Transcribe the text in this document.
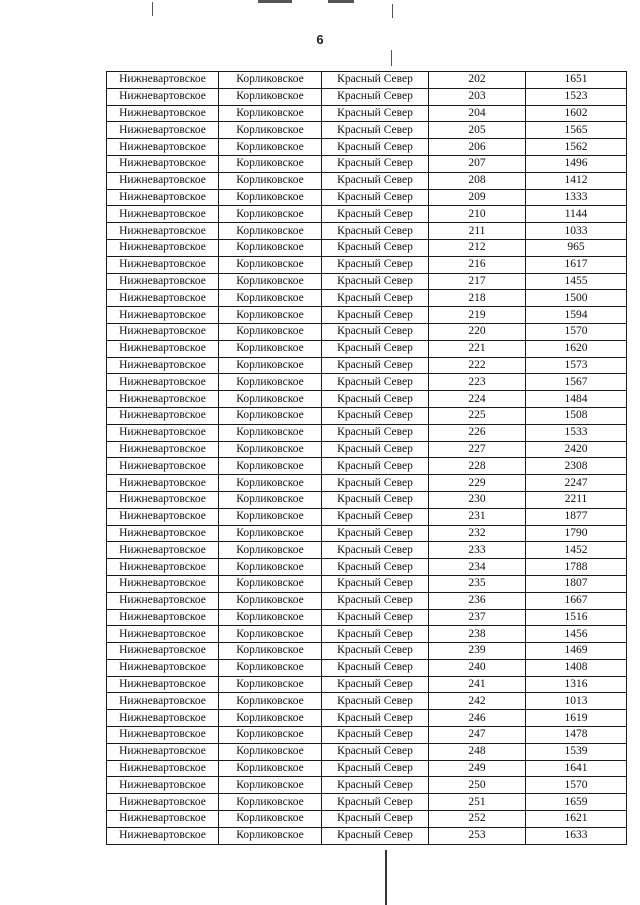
6
Нижневартовское	Корликовское	Красный Север	202	1651
Нижневартовское	Корликовское	Красный Север	203	1523
Нижневартовское	Корликовское	Красный Север	204	1602
Нижневартовское	Корликовское	Красный Север	205	1565
Нижневартовское	Корликовское	Красный Север	206	1562
Нижневартовское	Корликовское	Красный Север	207	1496
Нижневартовское	Корликовское	Красный Север	208	1412
Нижневартовское	Корликовское	Красный Север	209	1333
Нижневартовское	Корликовское	Красный Север	210	1144
Нижневартовское	Корликовское	Красный Север	211	1033
Нижневартовское	Корликовское	Красный Север	212	965
Нижневартовское	Корликовское	Красный Север	216	1617
Нижневартовское	Корликовское	Красный Север	217	1455
Нижневартовское	Корликовское	Красный Север	218	1500
Нижневартовское	Корликовское	Красный Север	219	1594
Нижневартовское	Корликовское	Красный Север	220	1570
Нижневартовское	Корликовское	Красный Север	221	1620
Нижневартовское	Корликовское	Красный Север	222	1573
Нижневартовское	Корликовское	Красный Север	223	1567
Нижневартовское	Корликовское	Красный Север	224	1484
Нижневартовское	Корликовское	Красный Север	225	1508
Нижневартовское	Корликовское	Красный Север	226	1533
Нижневартовское	Корликовское	Красный Север	227	2420
Нижневартовское	Корликовское	Красный Север	228	2308
Нижневартовское	Корликовское	Красный Север	229	2247
Нижневартовское	Корликовское	Красный Север	230	2211
Нижневартовское	Корликовское	Красный Север	231	1877
Нижневартовское	Корликовское	Красный Север	232	1790
Нижневартовское	Корликовское	Красный Север	233	1452
Нижневартовское	Корликовское	Красный Север	234	1788
Нижневартовское	Корликовское	Красный Север	235	1807
Нижневартовское	Корликовское	Красный Север	236	1667
Нижневартовское	Корликовское	Красный Север	237	1516
Нижневартовское	Корликовское	Красный Север	238	1456
Нижневартовское	Корликовское	Красный Север	239	1469
Нижневартовское	Корликовское	Красный Север	240	1408
Нижневартовское	Корликовское	Красный Север	241	1316
Нижневартовское	Корликовское	Красный Север	242	1013
Нижневартовское	Корликовское	Красный Север	246	1619
Нижневартовское	Корликовское	Красный Север	247	1478
Нижневартовское	Корликовское	Красный Север	248	1539
Нижневартовское	Корликовское	Красный Север	249	1641
Нижневартовское	Корликовское	Красный Север	250	1570
Нижневартовское	Корликовское	Красный Север	251	1659
Нижневартовское	Корликовское	Красный Север	252	1621
Нижневартовское	Корликовское	Красный Север	253	1633
